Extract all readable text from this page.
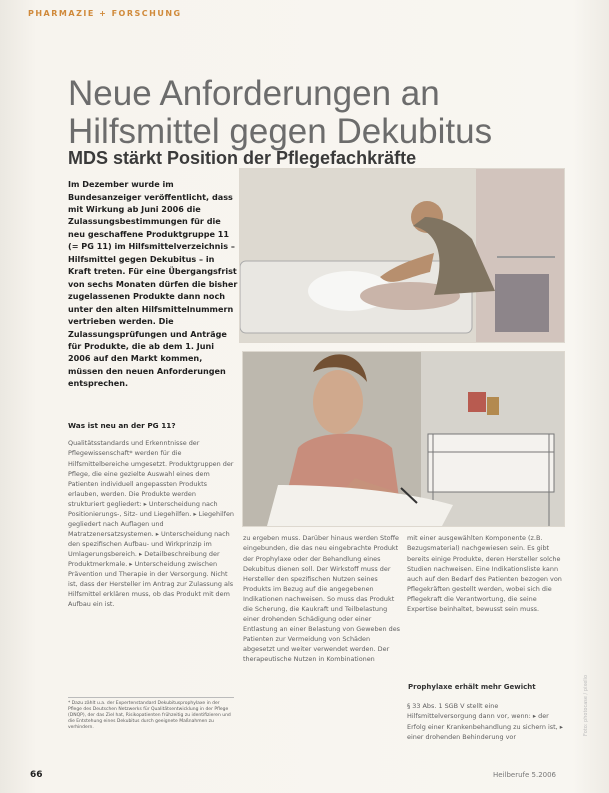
PHARMAZIE + FORSCHUNG
Neue Anforderungen an Hilfsmittel gegen Dekubitus
MDS stärkt Position der Pflegefachkräfte

Im Dezember wurde im Bundesanzeiger veröffentlicht, dass mit Wirkung ab Juni 2006 die Zulassungsbestimmungen für die neu geschaffene Produktgruppe 11 (= PG 11) im Hilfsmittelverzeichnis – Hilfsmittel gegen Dekubitus – in Kraft treten. Für eine Übergangsfrist von sechs Monaten dürfen die bisher zugelassenen Produkte dann noch unter den alten Hilfsmittelnummern vertrieben werden. Die Zulassungsprüfungen und Anträge für Produkte, die ab dem 1. Juni 2006 auf den Markt kommen, müssen den neuen Anforderungen entsprechen.

Was ist neu an der PG 11?

Qualitätsstandards und Erkenntnisse der Pflegewissenschaft* werden für die Hilfsmittelbereiche umgesetzt. Produktgruppen der Pflege, die eine gezielte Auswahl eines dem Patienten individuell angepassten Produkts erlauben, werden. Die Produkte werden strukturiert gegliedert: ▸ Unterscheidung nach Positionierungs-, Sitz- und Liegehilfen. ▸ Liegehilfen gegliedert nach Auflagen und Matratzenersatzsystemen. ▸ Unterscheidung nach den spezifischen Aufbau- und Wirkprinzip im Umlagerungsbereich. ▸ Detailbeschreibung der Produktmerkmale. ▸ Unterscheidung zwischen Prävention und Therapie in der Versorgung. Nicht ist, dass der Hersteller im Antrag zur Zulassung als Hilfsmittel erklären muss, ob das Produkt mit dem Aufbau ein ist.

zu ergeben muss. Darüber hinaus werden Stoffe eingebunden, die das neu eingebrachte Produkt der Prophylaxe oder der Behandlung eines Dekubitus dienen soll. Der Wirkstoff muss der Hersteller den spezifischen Nutzen seines Produkts im Bezug auf die angegebenen Indikationen nachweisen. So muss das Produkt die Scherung, die Kaukraft und Teilbelastung einer drohenden Schädigung oder einer Entlastung an einer Belastung von Geweben des Patienten zur Vermeidung von Schäden abgesetzt und weiter verwendet werden. Der therapeutische Nutzen in Kombinationen

mit einer ausgewählten Komponente (z.B. Bezugsmaterial) nachgewiesen sein. Es gibt bereits einige Produkte, deren Hersteller solche Studien nachweisen. Eine Indikationsliste kann auch auf den Bedarf des Patienten bezogen von Pflegekräften gestellt werden, wobei sich die Pflegekraft die Verantwortung, die seine Expertise beinhaltet, bewusst sein muss.

Prophylaxe erhält mehr Gewicht

§ 33 Abs. 1 SGB V stellt eine Hilfsmittelversorgung dann vor, wenn: ▸ der Erfolg einer Krankenbehandlung zu sichern ist, ▸ einer drohenden Behinderung vor

* Dazu zählt u.a. der Expertenstandard Dekubitusprophylaxe in der Pflege des Deutschen Netzwerks für Qualitätsentwicklung in der Pflege (DNQP), der das Ziel hat, Risikopatienten frühzeitig zu identifizieren und die Entstehung eines Dekubitus durch geeignete Maßnahmen zu verhindern.
66	Heilberufe 5.2006
Foto: photocase / pixelio
